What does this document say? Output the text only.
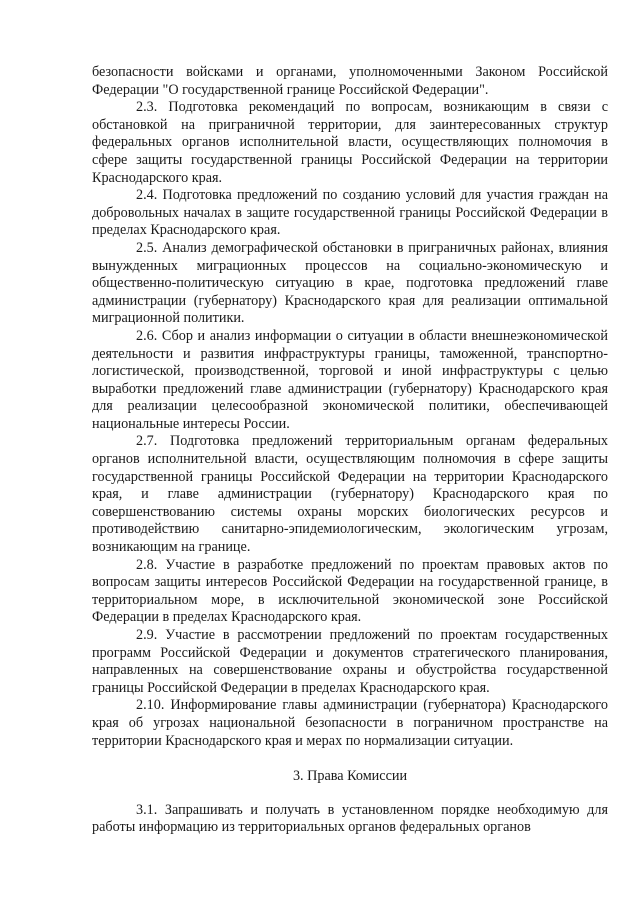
безопасности войсками и органами, уполномоченными Законом Российской Федерации "О государственной границе Российской Федерации".

2.3. Подготовка рекомендаций по вопросам, возникающим в связи с обстановкой на приграничной территории, для заинтересованных структур федеральных органов исполнительной власти, осуществляющих полномочия в сфере защиты государственной границы Российской Федерации на территории Краснодарского края.

2.4. Подготовка предложений по созданию условий для участия граждан на добровольных началах в защите государственной границы Российской Федерации в пределах Краснодарского края.

2.5. Анализ демографической обстановки в приграничных районах, влияния вынужденных миграционных процессов на социально-экономическую и общественно-политическую ситуацию в крае, подготовка предложений главе администрации (губернатору) Краснодарского края для реализации оптимальной миграционной политики.

2.6. Сбор и анализ информации о ситуации в области внешнеэкономической деятельности и развития инфраструктуры границы, таможенной, транспортно-логистической, производственной, торговой и иной инфраструктуры с целью выработки предложений главе администрации (губернатору) Краснодарского края для реализации целесообразной экономической политики, обеспечивающей национальные интересы России.

2.7. Подготовка предложений территориальным органам федеральных органов исполнительной власти, осуществляющим полномочия в сфере защиты государственной границы Российской Федерации на территории Краснодарского края, и главе администрации (губернатору) Краснодарского края по совершенствованию системы охраны морских биологических ресурсов и противодействию санитарно-эпидемиологическим, экологическим угрозам, возникающим на границе.

2.8. Участие в разработке предложений по проектам правовых актов по вопросам защиты интересов Российской Федерации на государственной границе, в территориальном море, в исключительной экономической зоне Российской Федерации в пределах Краснодарского края.

2.9. Участие в рассмотрении предложений по проектам государственных программ Российской Федерации и документов стратегического планирования, направленных на совершенствование охраны и обустройства государственной границы Российской Федерации в пределах Краснодарского края.

2.10. Информирование главы администрации (губернатора) Краснодарского края об угрозах национальной безопасности в пограничном пространстве на территории Краснодарского края и мерах по нормализации ситуации.

3. Права Комиссии

3.1. Запрашивать и получать в установленном порядке необходимую для работы информацию из территориальных органов федеральных органов
